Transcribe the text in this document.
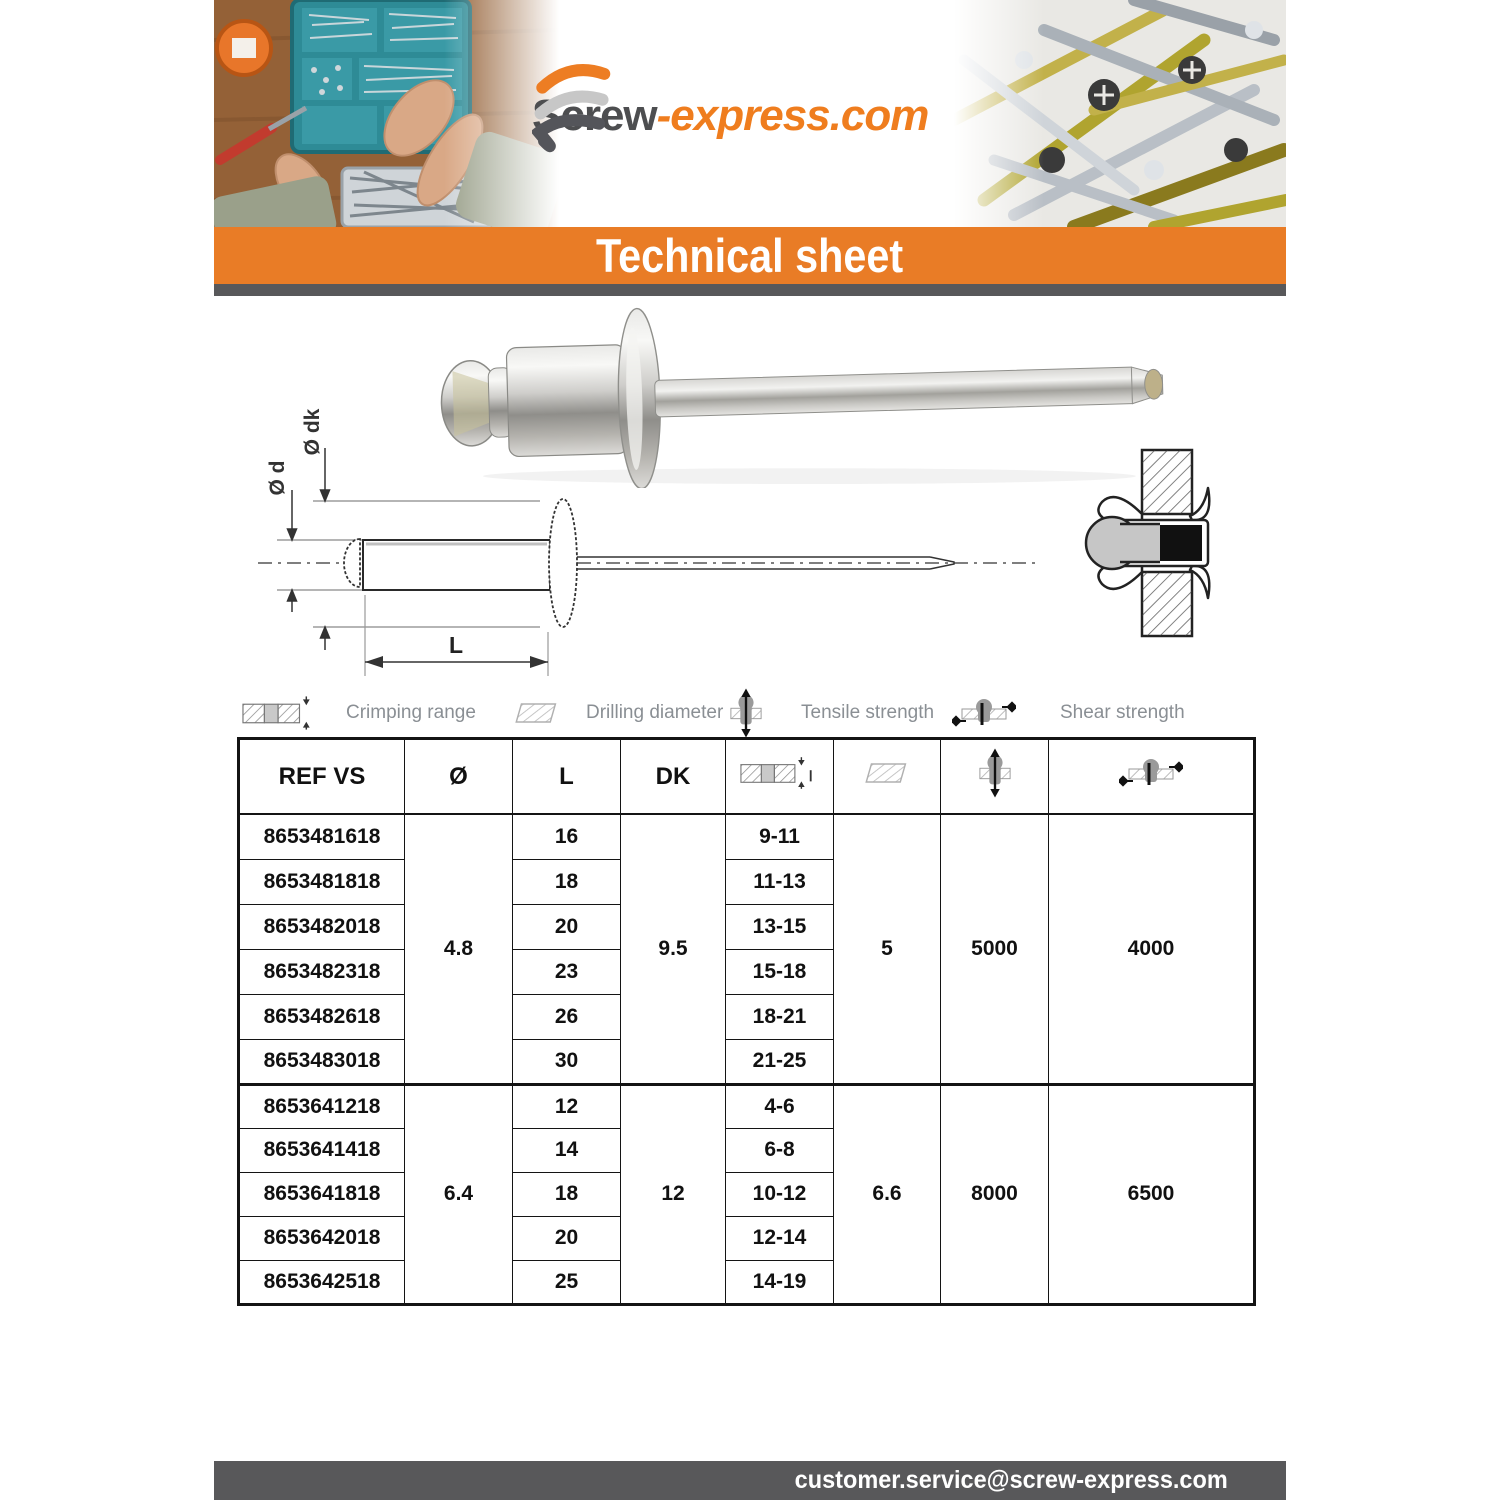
Screw-express.com
Technical sheet
Ø d
Ø dk
L
Crimping range	Drilling diameter	Tensile strength	Shear strength
REF VS	Ø	L	DK				
8653481618	4.8	16	9.5	9-11	5	5000	4000
8653481818		18		11-13			
8653482018		20		13-15			
8653482318		23		15-18			
8653482618		26		18-21			
8653483018		30		21-25			
8653641218	6.4	12	12	4-6	6.6	8000	6500
8653641418		14		6-8			
8653641818		18		10-12			
8653642018		20		12-14			
8653642518		25		14-19			
customer.service@screw-express.com
